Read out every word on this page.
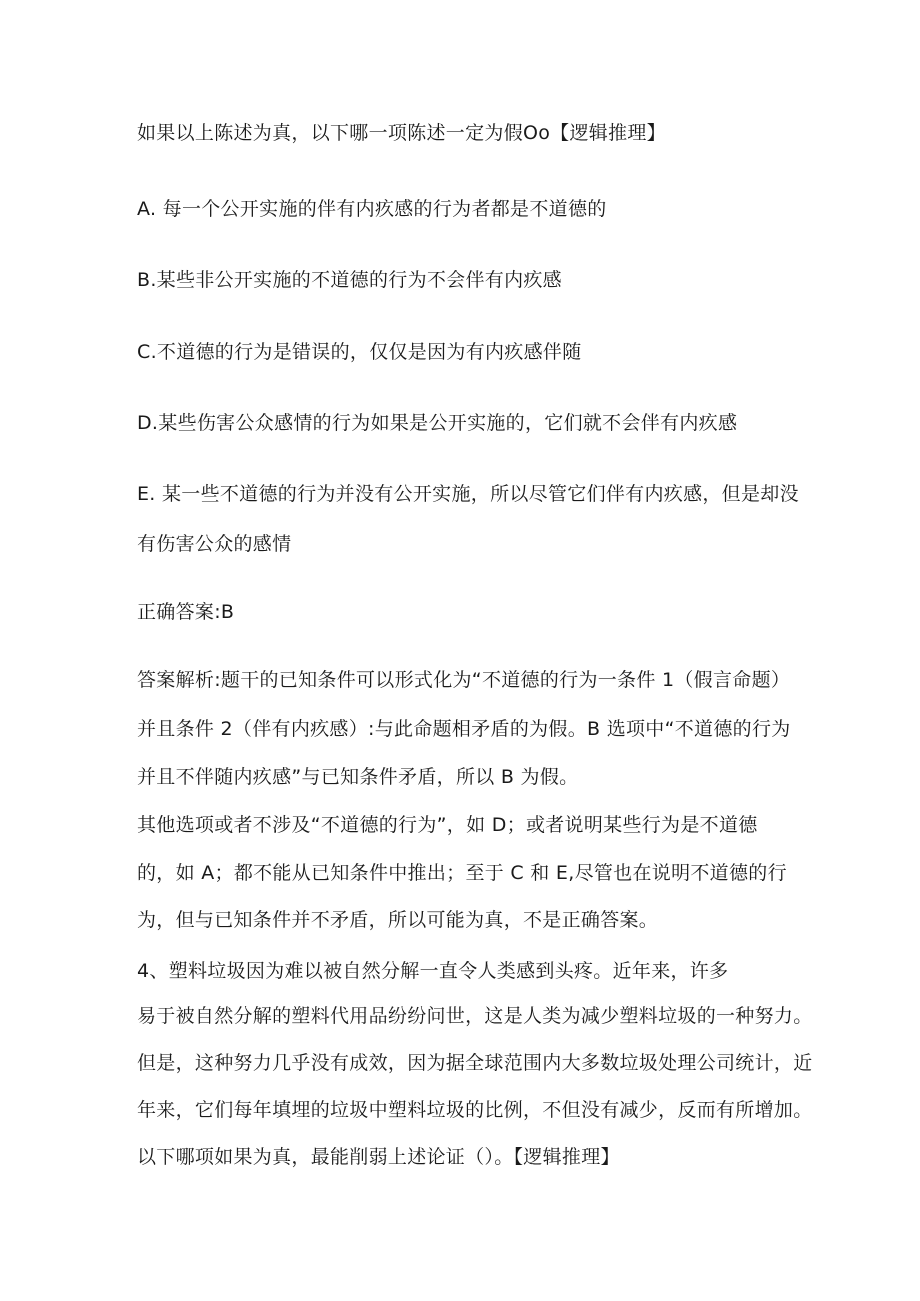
如果以上陈述为真，以下哪一项陈述一定为假Oo【逻辑推理】
A. 每一个公开实施的伴有内疚感的行为者都是不道德的
B.某些非公开实施的不道德的行为不会伴有内疚感
C.不道德的行为是错误的，仅仅是因为有内疚感伴随
D.某些伤害公众感情的行为如果是公开实施的，它们就不会伴有内疚感
E. 某一些不道德的行为并没有公开实施，所以尽管它们伴有内疚感，但是却没
有伤害公众的感情
正确答案:B
答案解析:题干的已知条件可以形式化为“不道德的行为一条件 1（假言命题）
并且条件 2（伴有内疚感）:与此命题相矛盾的为假。B 选项中“不道德的行为
并且不伴随内疚感”与已知条件矛盾，所以 B 为假。
其他选项或者不涉及“不道德的行为”，如 D；或者说明某些行为是不道德
的，如 A；都不能从已知条件中推出；至于 C 和 E,尽管也在说明不道德的行
为，但与已知条件并不矛盾，所以可能为真，不是正确答案。
4、塑料垃圾因为难以被自然分解一直令人类感到头疼。近年来，许多
易于被自然分解的塑料代用品纷纷问世，这是人类为减少塑料垃圾的一种努力。
但是，这种努力几乎没有成效，因为据全球范围内大多数垃圾处理公司统计，近
年来，它们每年填埋的垃圾中塑料垃圾的比例，不但没有减少，反而有所增加。
以下哪项如果为真，最能削弱上述论证（）。【逻辑推理】
